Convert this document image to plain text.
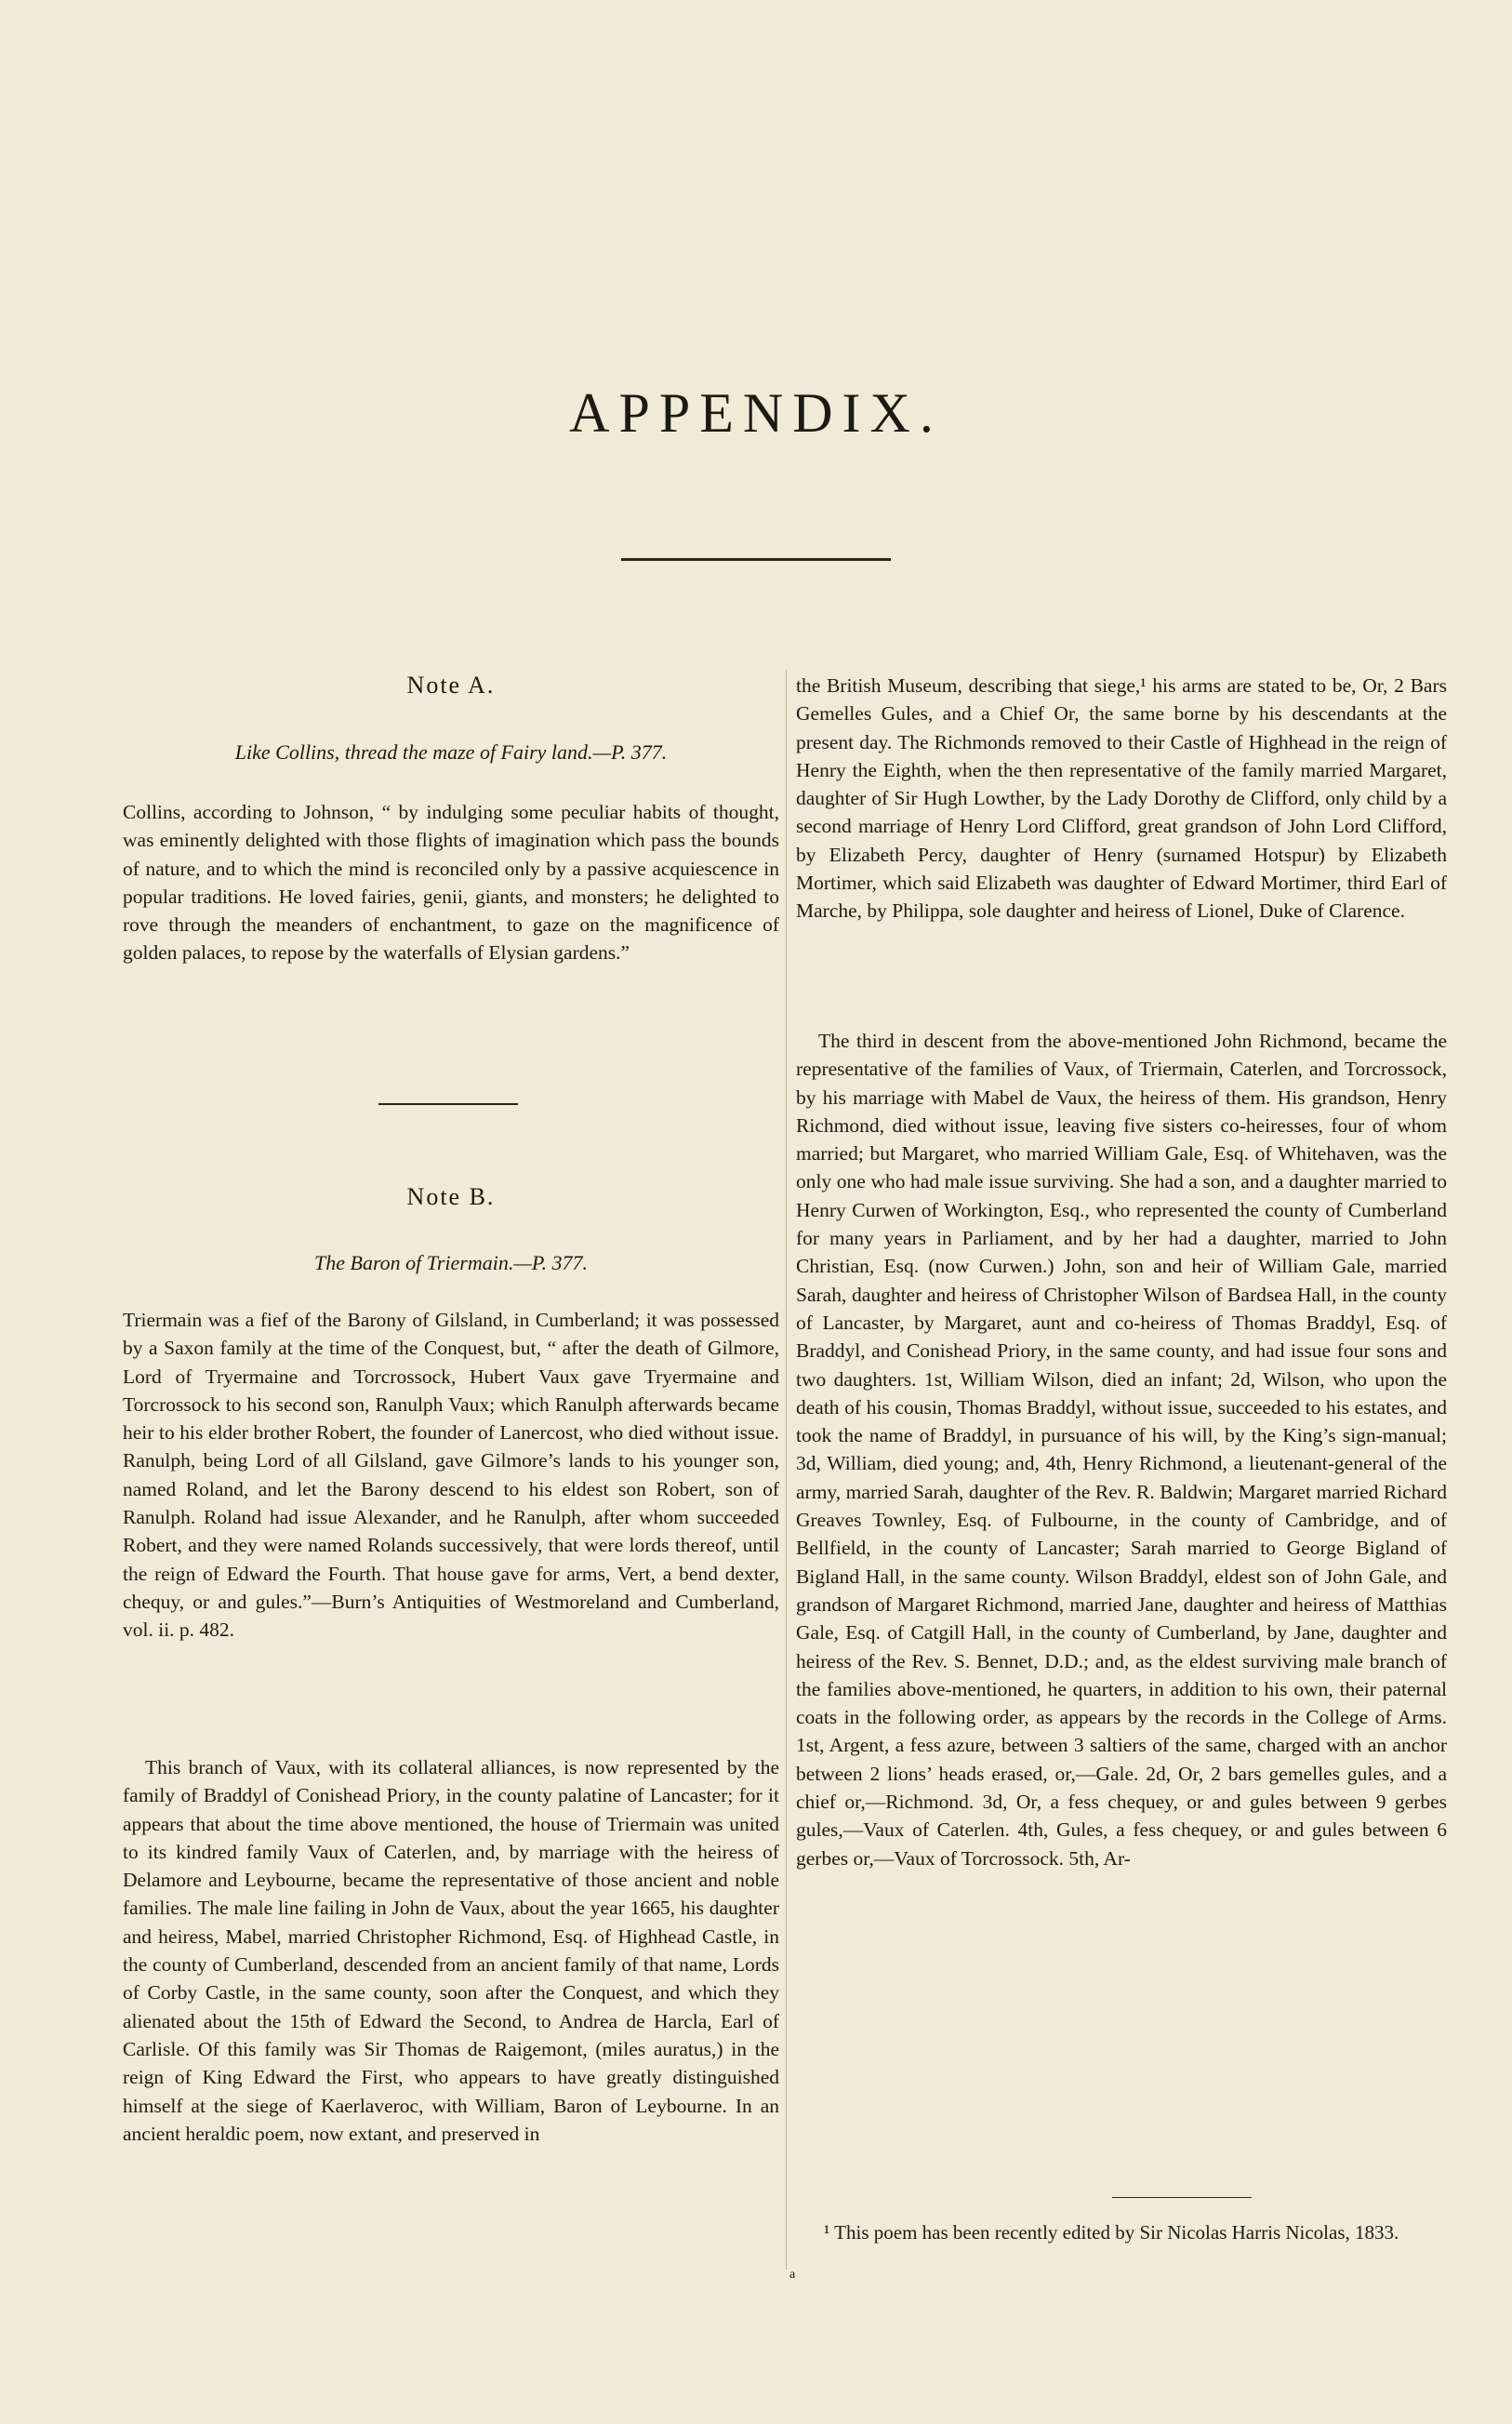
APPENDIX.
Note A.
Like Collins, thread the maze of Fairy land.—P. 377.

Collins, according to Johnson, “ by indulging some peculiar habits of thought, was eminently delighted with those flights of imagination which pass the bounds of nature, and to which the mind is reconciled only by a passive acquiescence in popular traditions. He loved fairies, genii, giants, and monsters; he delighted to rove through the meanders of enchantment, to gaze on the magnificence of golden palaces, to repose by the waterfalls of Elysian gardens.”

Note B.
The Baron of Triermain.—P. 377.

Triermain was a fief of the Barony of Gilsland, in Cumberland; it was possessed by a Saxon family at the time of the Conquest, but, “ after the death of Gilmore, Lord of Tryermaine and Torcrossock, Hubert Vaux gave Tryermaine and Torcrossock to his second son, Ranulph Vaux; which Ranulph afterwards became heir to his elder brother Robert, the founder of Lanercost, who died without issue. Ranulph, being Lord of all Gilsland, gave Gilmore’s lands to his younger son, named Roland, and let the Barony descend to his eldest son Robert, son of Ranulph. Roland had issue Alexander, and he Ranulph, after whom succeeded Robert, and they were named Rolands successively, that were lords thereof, until the reign of Edward the Fourth. That house gave for arms, Vert, a bend dexter, chequy, or and gules.”—Burn’s Antiquities of Westmoreland and Cumberland, vol. ii. p. 482.

This branch of Vaux, with its collateral alliances, is now represented by the family of Braddyl of Conishead Priory, in the county palatine of Lancaster; for it appears that about the time above mentioned, the house of Triermain was united to its kindred family Vaux of Caterlen, and, by marriage with the heiress of Delamore and Leybourne, became the representative of those ancient and noble families. The male line failing in John de Vaux, about the year 1665, his daughter and heiress, Mabel, married Christopher Richmond, Esq. of Highhead Castle, in the county of Cumberland, descended from an ancient family of that name, Lords of Corby Castle, in the same county, soon after the Conquest, and which they alienated about the 15th of Edward the Second, to Andrea de Harcla, Earl of Carlisle. Of this family was Sir Thomas de Raigemont, (miles auratus,) in the reign of King Edward the First, who appears to have greatly distinguished himself at the siege of Kaerlaveroc, with William, Baron of Leybourne. In an ancient heraldic poem, now extant, and preserved in

the British Museum, describing that siege,¹ his arms are stated to be, Or, 2 Bars Gemelles Gules, and a Chief Or, the same borne by his descendants at the present day. The Richmonds removed to their Castle of Highhead in the reign of Henry the Eighth, when the then representative of the family married Margaret, daughter of Sir Hugh Lowther, by the Lady Dorothy de Clifford, only child by a second marriage of Henry Lord Clifford, great grandson of John Lord Clifford, by Elizabeth Percy, daughter of Henry (surnamed Hotspur) by Elizabeth Mortimer, which said Elizabeth was daughter of Edward Mortimer, third Earl of Marche, by Philippa, sole daughter and heiress of Lionel, Duke of Clarence.

The third in descent from the above-mentioned John Richmond, became the representative of the families of Vaux, of Triermain, Caterlen, and Torcrossock, by his marriage with Mabel de Vaux, the heiress of them. His grandson, Henry Richmond, died without issue, leaving five sisters co-heiresses, four of whom married; but Margaret, who married William Gale, Esq. of Whitehaven, was the only one who had male issue surviving. She had a son, and a daughter married to Henry Curwen of Workington, Esq., who represented the county of Cumberland for many years in Parliament, and by her had a daughter, married to John Christian, Esq. (now Curwen.) John, son and heir of William Gale, married Sarah, daughter and heiress of Christopher Wilson of Bardsea Hall, in the county of Lancaster, by Margaret, aunt and co-heiress of Thomas Braddyl, Esq. of Braddyl, and Conishead Priory, in the same county, and had issue four sons and two daughters. 1st, William Wilson, died an infant; 2d, Wilson, who upon the death of his cousin, Thomas Braddyl, without issue, succeeded to his estates, and took the name of Braddyl, in pursuance of his will, by the King’s sign-manual; 3d, William, died young; and, 4th, Henry Richmond, a lieutenant-general of the army, married Sarah, daughter of the Rev. R. Baldwin; Margaret married Richard Greaves Townley, Esq. of Fulbourne, in the county of Cambridge, and of Bellfield, in the county of Lancaster; Sarah married to George Bigland of Bigland Hall, in the same county. Wilson Braddyl, eldest son of John Gale, and grandson of Margaret Richmond, married Jane, daughter and heiress of Matthias Gale, Esq. of Catgill Hall, in the county of Cumberland, by Jane, daughter and heiress of the Rev. S. Bennet, D.D.; and, as the eldest surviving male branch of the families above-mentioned, he quarters, in addition to his own, their paternal coats in the following order, as appears by the records in the College of Arms. 1st, Argent, a fess azure, between 3 saltiers of the same, charged with an anchor between 2 lions’ heads erased, or,—Gale. 2d, Or, 2 bars gemelles gules, and a chief or,—Richmond. 3d, Or, a fess chequey, or and gules between 9 gerbes gules,—Vaux of Caterlen. 4th, Gules, a fess chequey, or and gules between 6 gerbes or,—Vaux of Torcrossock. 5th, Ar-

¹ This poem has been recently edited by Sir Nicolas Harris Nicolas, 1833.

a
